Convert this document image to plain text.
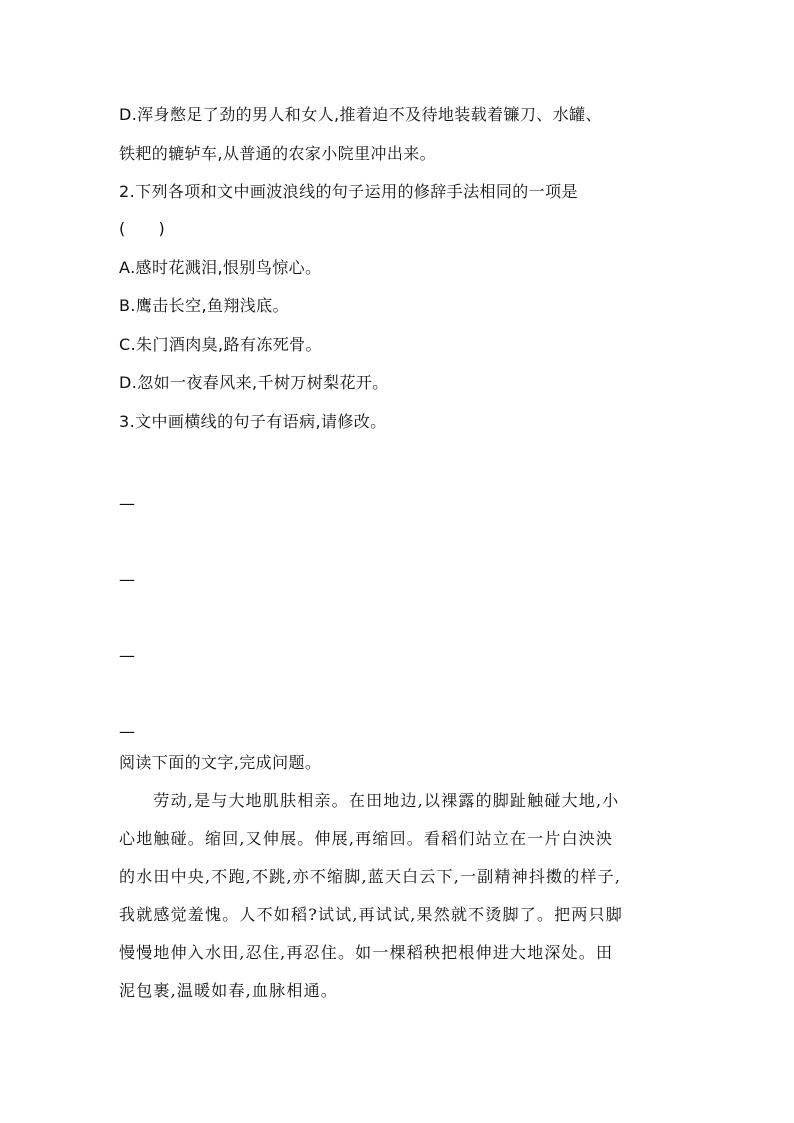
D.浑身憋足了劲的男人和女人,推着迫不及待地装载着镰刀、水罐、
铁耙的辘轳车,从普通的农家小院里冲出来。
2.下列各项和文中画波浪线的句子运用的修辞手法相同的一项是
(　　)
A.感时花溅泪,恨别鸟惊心。
B.鹰击长空,鱼翔浅底。
C.朱门酒肉臭,路有冻死骨。
D.忽如一夜春风来,千树万树梨花开。
3.文中画横线的句子有语病,请修改。
—
—
—
—
阅读下面的文字,完成问题。
　　劳动,是与大地肌肤相亲。在田地边,以裸露的脚趾触碰大地,小
心地触碰。缩回,又伸展。伸展,再缩回。看稻们站立在一片白泱泱
的水田中央,不跑,不跳,亦不缩脚,蓝天白云下,一副精神抖擞的样子,
我就感觉羞愧。人不如稻?试试,再试试,果然就不烫脚了。把两只脚
慢慢地伸入水田,忍住,再忍住。如一棵稻秧把根伸进大地深处。田
泥包裹,温暖如春,血脉相通。
